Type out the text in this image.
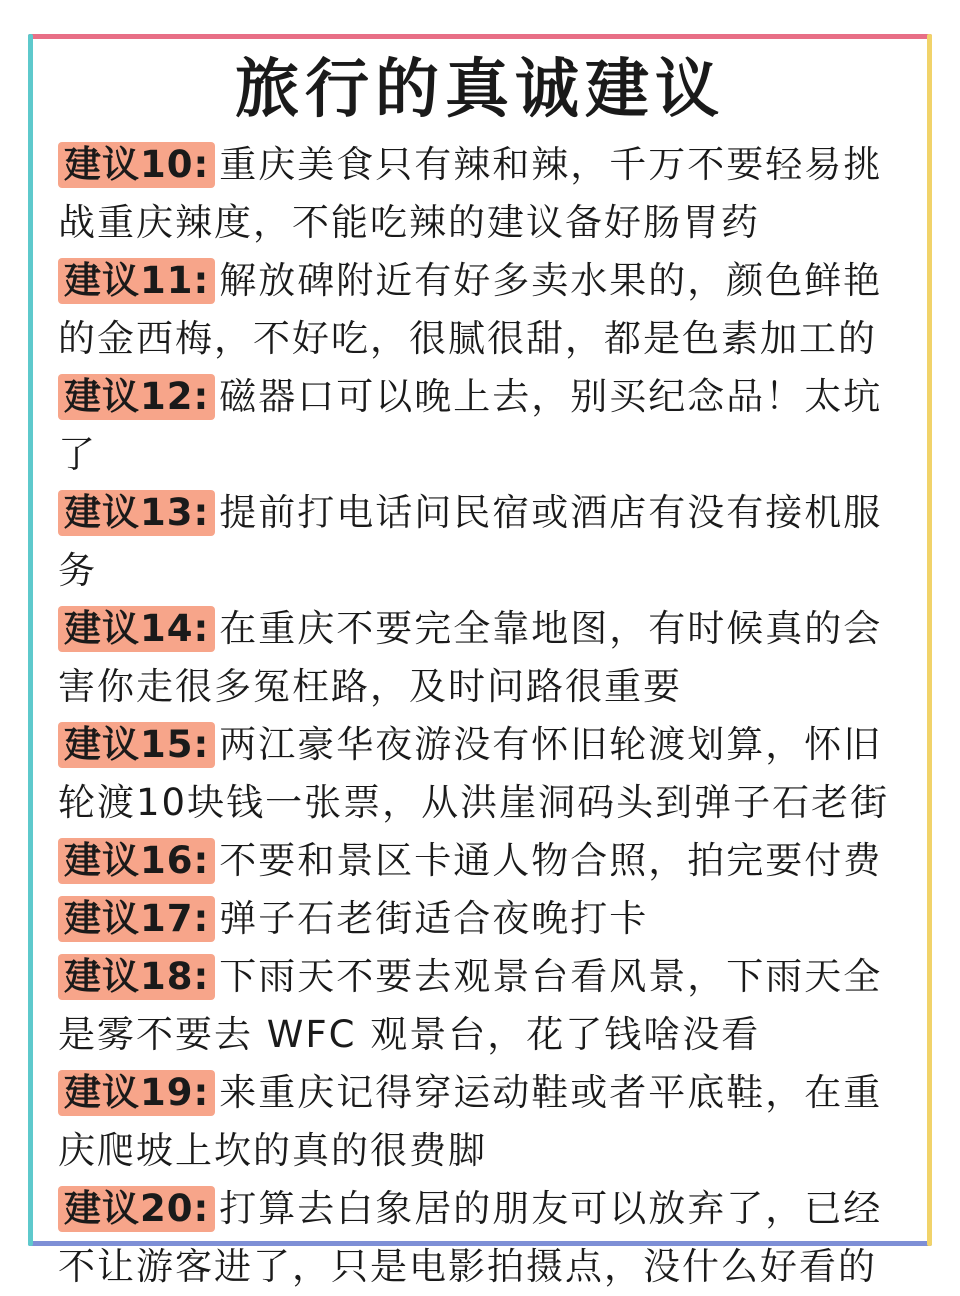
旅行的真诚建议
建议10: 重庆美食只有辣和辣，千万不要轻易挑战重庆辣度，不能吃辣的建议备好肠胃药
建议11: 解放碑附近有好多卖水果的，颜色鲜艳的金西梅，不好吃，很腻很甜，都是色素加工的
建议12: 磁器口可以晚上去，别买纪念品！太坑了
建议13: 提前打电话问民宿或酒店有没有接机服务
建议14: 在重庆不要完全靠地图，有时候真的会害你走很多冤枉路，及时问路很重要
建议15: 两江豪华夜游没有怀旧轮渡划算，怀旧轮渡10块钱一张票，从洪崖洞码头到弹子石老街
建议16: 不要和景区卡通人物合照，拍完要付费
建议17: 弹子石老街适合夜晚打卡
建议18: 下雨天不要去观景台看风景，下雨天全是雾不要去 WFC 观景台，花了钱啥没看
建议19: 来重庆记得穿运动鞋或者平底鞋，在重庆爬坡上坎的真的很费脚
建议20: 打算去白象居的朋友可以放弃了，已经不让游客进了，只是电影拍摄点，没什么好看的
